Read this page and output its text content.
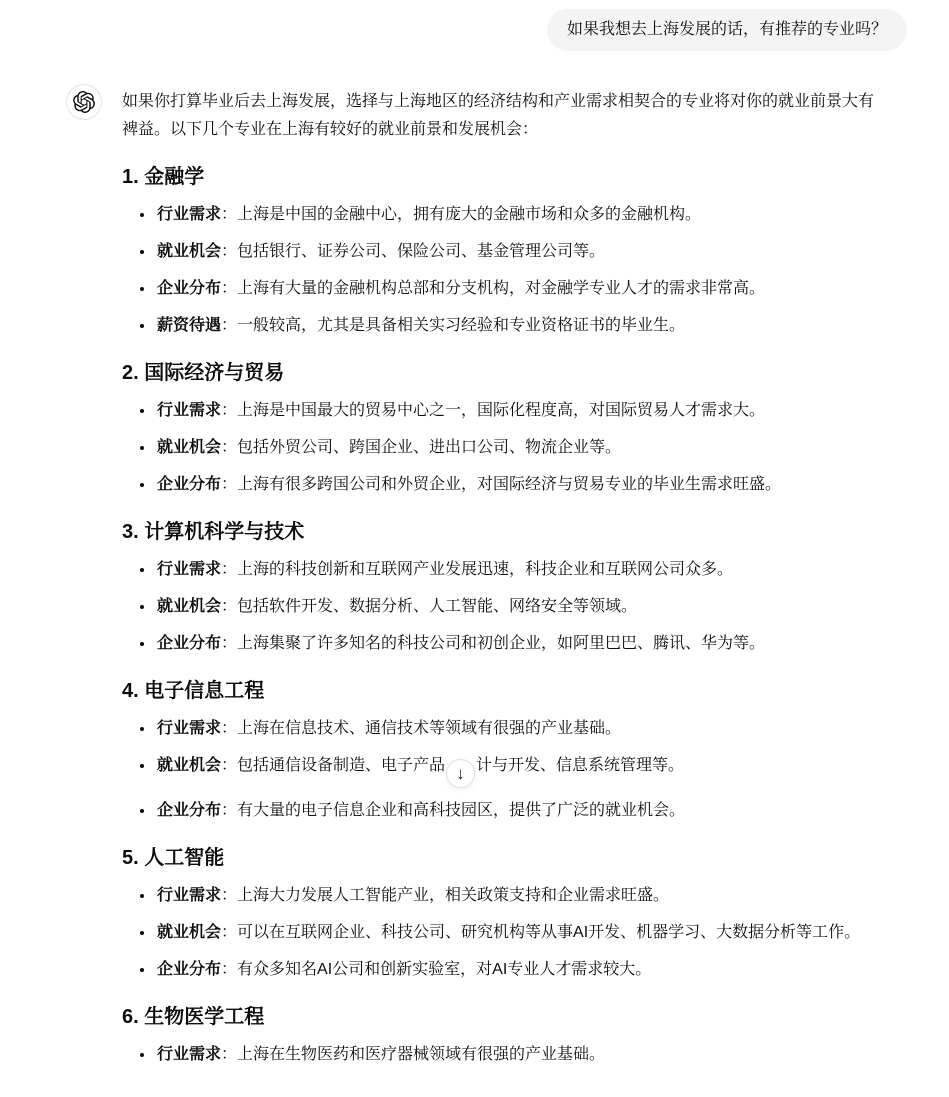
如果我想去上海发展的话，有推荐的专业吗？

如果你打算毕业后去上海发展，选择与上海地区的经济结构和产业需求相契合的专业将对你的就业前景大有裨益。以下几个专业在上海有较好的就业前景和发展机会：

1. 金融学
• 行业需求：上海是中国的金融中心，拥有庞大的金融市场和众多的金融机构。
• 就业机会：包括银行、证券公司、保险公司、基金管理公司等。
• 企业分布：上海有大量的金融机构总部和分支机构，对金融学专业人才的需求非常高。
• 薪资待遇：一般较高，尤其是具备相关实习经验和专业资格证书的毕业生。
2. 国际经济与贸易
• 行业需求：上海是中国最大的贸易中心之一，国际化程度高，对国际贸易人才需求大。
• 就业机会：包括外贸公司、跨国企业、进出口公司、物流企业等。
• 企业分布：上海有很多跨国公司和外贸企业，对国际经济与贸易专业的毕业生需求旺盛。
3. 计算机科学与技术
• 行业需求：上海的科技创新和互联网产业发展迅速，科技企业和互联网公司众多。
• 就业机会：包括软件开发、数据分析、人工智能、网络安全等领域。
• 企业分布：上海集聚了许多知名的科技公司和初创企业，如阿里巴巴、腾讯、华为等。
4. 电子信息工程
• 行业需求：上海在信息技术、通信技术等领域有很强的产业基础。
• 就业机会：包括通信设备制造、电子产品 ↓ 计与开发、信息系统管理等。
• 企业分布：有大量的电子信息企业和高科技园区，提供了广泛的就业机会。
5. 人工智能
• 行业需求：上海大力发展人工智能产业，相关政策支持和企业需求旺盛。
• 就业机会：可以在互联网企业、科技公司、研究机构等从事AI开发、机器学习、大数据分析等工作。
• 企业分布：有众多知名AI公司和创新实验室，对AI专业人才需求较大。
6. 生物医学工程
• 行业需求：上海在生物医药和医疗器械领域有很强的产业基础。
